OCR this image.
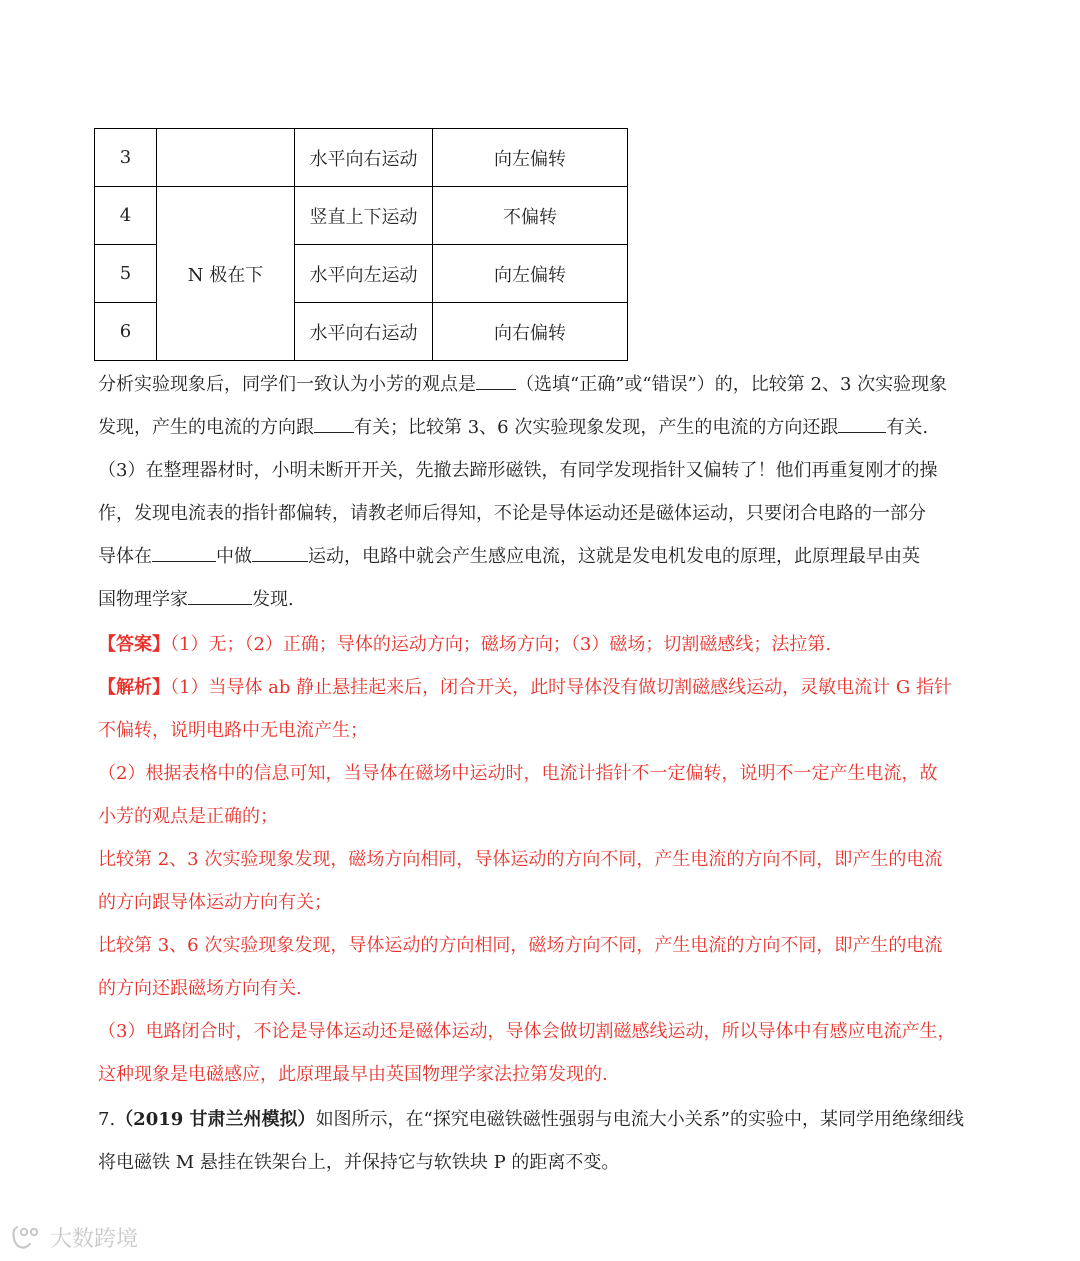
3		水平向右运动	向左偏转
4	N 极在下	竖直上下运动	不偏转
5		水平向左运动	向左偏转
6		水平向右运动	向右偏转

分析实验现象后，同学们一致认为小芳的观点是 （选填“正确”或“错误”）的，比较第 2、3 次实验现象
发现，产生的电流的方向跟 有关；比较第 3、6 次实验现象发现，产生的电流的方向还跟	有关.

（3）在整理器材时，小明未断开开关，先撤去蹄形磁铁，有同学发现指针又偏转了！他们再重复刚才的操
作，发现电流表的指针都偏转，请教老师后得知，不论是导体运动还是磁体运动，只要闭合电路的一部分
导体在	中做	运动，电路中就会产生感应电流，这就是发电机发电的原理，此原理最早由英
国物理学家	发现.

【答案】（1）无；（2）正确；导体的运动方向；磁场方向；（3）磁场；切割磁感线；法拉第.

【解析】（1）当导体 ab 静止悬挂起来后，闭合开关，此时导体没有做切割磁感线运动，灵敏电流计 G 指针
不偏转，说明电路中无电流产生；
（2）根据表格中的信息可知，当导体在磁场中运动时，电流计指针不一定偏转，说明不一定产生电流，故
小芳的观点是正确的；
比较第 2、3 次实验现象发现，磁场方向相同，导体运动的方向不同，产生电流的方向不同，即产生的电流
的方向跟导体运动方向有关；
比较第 3、6 次实验现象发现，导体运动的方向相同，磁场方向不同，产生电流的方向不同，即产生的电流
的方向还跟磁场方向有关.
（3）电路闭合时，不论是导体运动还是磁体运动，导体会做切割磁感线运动，所以导体中有感应电流产生，
这种现象是电磁感应，此原理最早由英国物理学家法拉第发现的.

7.（2019 甘肃兰州模拟）如图所示，在“探究电磁铁磁性强弱与电流大小关系”的实验中，某同学用绝缘细线
将电磁铁 M 悬挂在铁架台上，并保持它与软铁块 P 的距离不变。

大数跨境
